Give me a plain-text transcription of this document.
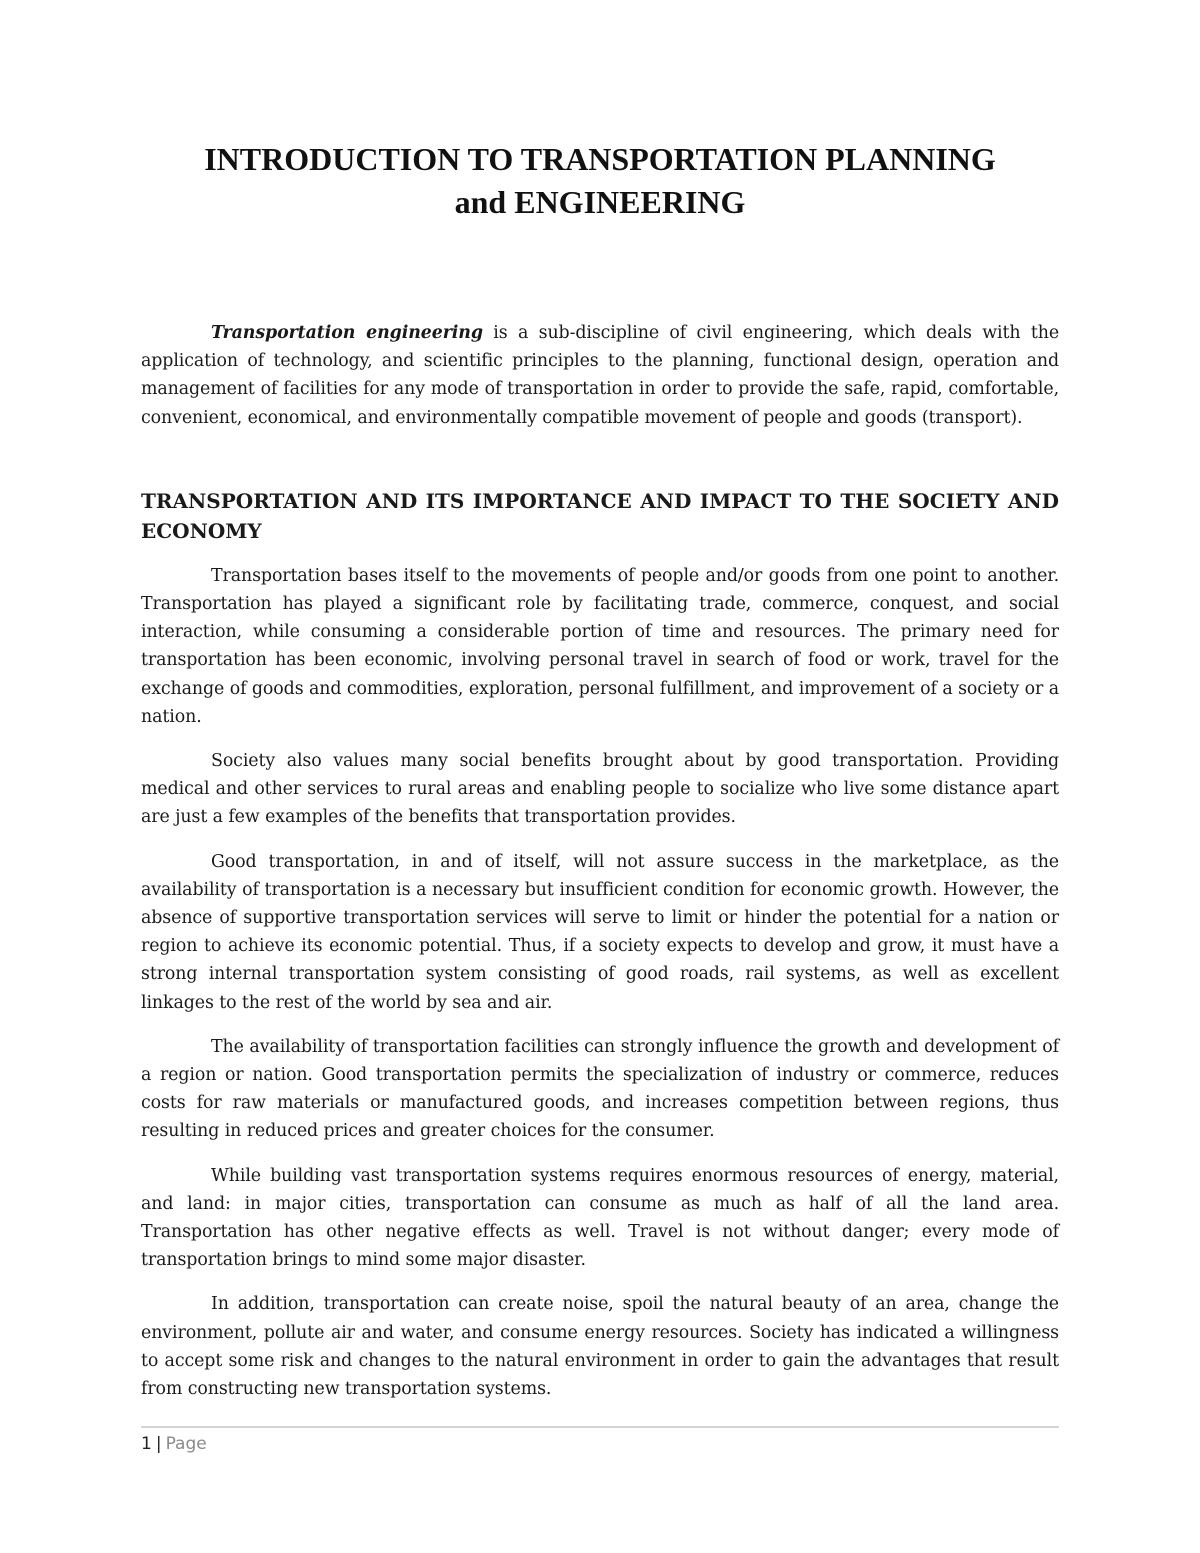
INTRODUCTION TO TRANSPORTATION PLANNING
and ENGINEERING

Transportation engineering is a sub-discipline of civil engineering, which deals with the application of technology, and scientific principles to the planning, functional design, operation and management of facilities for any mode of transportation in order to provide the safe, rapid, comfortable, convenient, economical, and environmentally compatible movement of people and goods (transport).

TRANSPORTATION AND ITS IMPORTANCE AND IMPACT TO THE SOCIETY AND ECONOMY

Transportation bases itself to the movements of people and/or goods from one point to another. Transportation has played a significant role by facilitating trade, commerce, conquest, and social interaction, while consuming a considerable portion of time and resources. The primary need for transportation has been economic, involving personal travel in search of food or work, travel for the exchange of goods and commodities, exploration, personal fulfillment, and improvement of a society or a nation.

Society also values many social benefits brought about by good transportation. Providing medical and other services to rural areas and enabling people to socialize who live some distance apart are just a few examples of the benefits that transportation provides.

Good transportation, in and of itself, will not assure success in the marketplace, as the availability of transportation is a necessary but insufficient condition for economic growth. However, the absence of supportive transportation services will serve to limit or hinder the potential for a nation or region to achieve its economic potential. Thus, if a society expects to develop and grow, it must have a strong internal transportation system consisting of good roads, rail systems, as well as excellent linkages to the rest of the world by sea and air.

The availability of transportation facilities can strongly influence the growth and development of a region or nation. Good transportation permits the specialization of industry or commerce, reduces costs for raw materials or manufactured goods, and increases competition between regions, thus resulting in reduced prices and greater choices for the consumer.

While building vast transportation systems requires enormous resources of energy, material, and land: in major cities, transportation can consume as much as half of all the land area. Transportation has other negative effects as well. Travel is not without danger; every mode of transportation brings to mind some major disaster.

In addition, transportation can create noise, spoil the natural beauty of an area, change the environment, pollute air and water, and consume energy resources. Society has indicated a willingness to accept some risk and changes to the natural environment in order to gain the advantages that result from constructing new transportation systems.

1 | Page
